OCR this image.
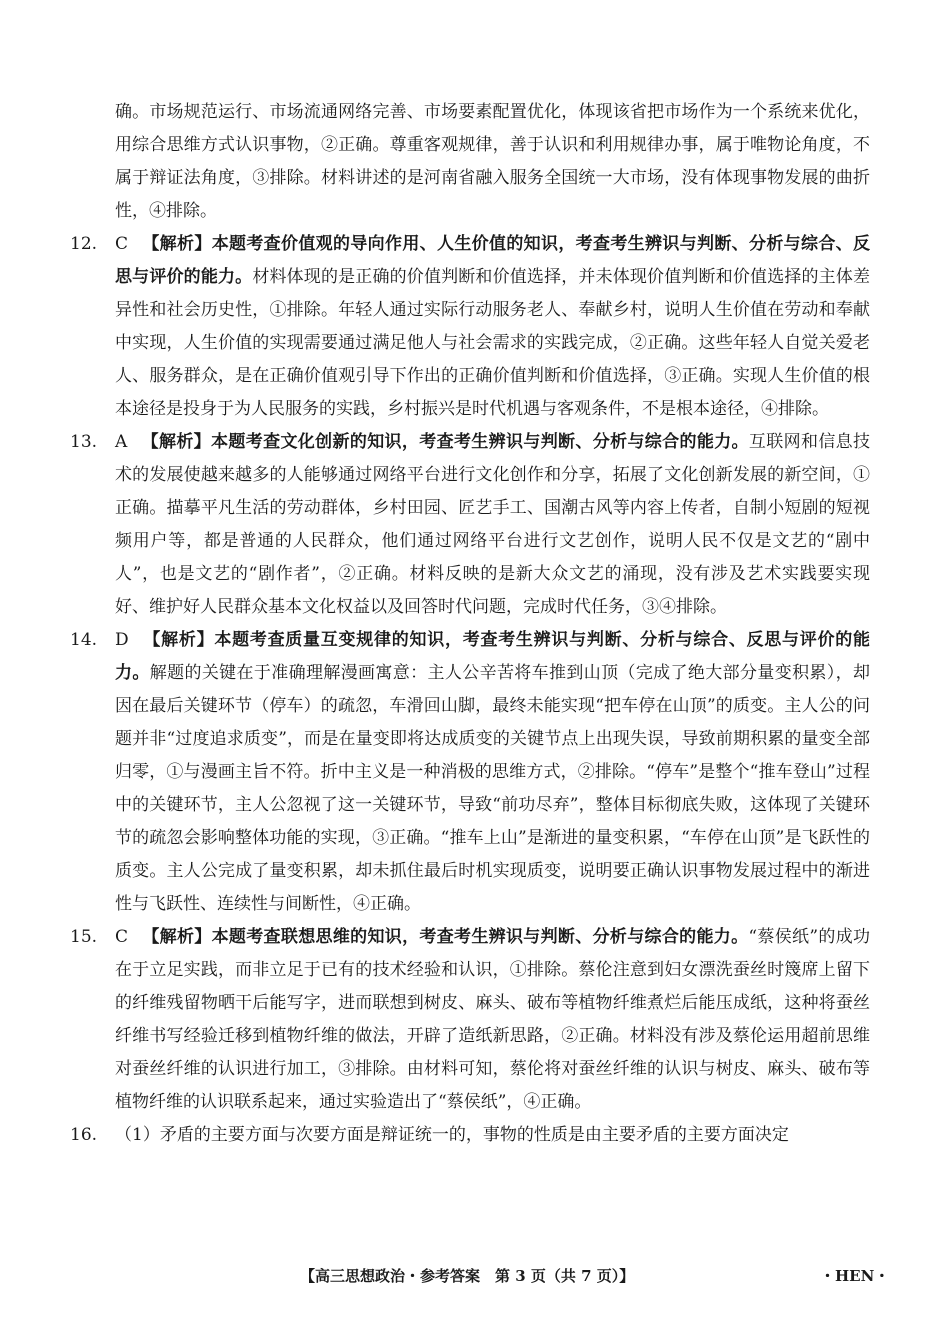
确。市场规范运行、市场流通网络完善、市场要素配置优化，体现该省把市场作为一个系统来优化，用综合思维方式认识事物，②正确。尊重客观规律，善于认识和利用规律办事，属于唯物论角度，不属于辩证法角度，③排除。材料讲述的是河南省融入服务全国统一大市场，没有体现事物发展的曲折性，④排除。

12.	C 【解析】本题考查价值观的导向作用、人生价值的知识，考查考生辨识与判断、分析与综合、反思与评价的能力。材料体现的是正确的价值判断和价值选择，并未体现价值判断和价值选择的主体差异性和社会历史性，①排除。年轻人通过实际行动服务老人、奉献乡村，说明人生价值在劳动和奉献中实现，人生价值的实现需要通过满足他人与社会需求的实践完成，②正确。这些年轻人自觉关爱老人、服务群众，是在正确价值观引导下作出的正确价值判断和价值选择，③正确。实现人生价值的根本途径是投身于为人民服务的实践，乡村振兴是时代机遇与客观条件，不是根本途径，④排除。
13.	A 【解析】本题考查文化创新的知识，考查考生辨识与判断、分析与综合的能力。互联网和信息技术的发展使越来越多的人能够通过网络平台进行文化创作和分享，拓展了文化创新发展的新空间，①正确。描摹平凡生活的劳动群体，乡村田园、匠艺手工、国潮古风等内容上传者，自制小短剧的短视频用户等，都是普通的人民群众，他们通过网络平台进行文艺创作，说明人民不仅是文艺的“剧中人”，也是文艺的“剧作者”，②正确。材料反映的是新大众文艺的涌现，没有涉及艺术实践要实现好、维护好人民群众基本文化权益以及回答时代问题，完成时代任务，③④排除。
14.	D 【解析】本题考查质量互变规律的知识，考查考生辨识与判断、分析与综合、反思与评价的能力。解题的关键在于准确理解漫画寓意：主人公辛苦将车推到山顶（完成了绝大部分量变积累），却因在最后关键环节（停车）的疏忽，车滑回山脚，最终未能实现“把车停在山顶”的质变。主人公的问题并非“过度追求质变”，而是在量变即将达成质变的关键节点上出现失误，导致前期积累的量变全部归零，①与漫画主旨不符。折中主义是一种消极的思维方式，②排除。“停车”是整个“推车登山”过程中的关键环节，主人公忽视了这一关键环节，导致“前功尽弃”，整体目标彻底失败，这体现了关键环节的疏忽会影响整体功能的实现，③正确。“推车上山”是渐进的量变积累，“车停在山顶”是飞跃性的质变。主人公完成了量变积累，却未抓住最后时机实现质变，说明要正确认识事物发展过程中的渐进性与飞跃性、连续性与间断性，④正确。
15.	C 【解析】本题考查联想思维的知识，考查考生辨识与判断、分析与综合的能力。“蔡侯纸”的成功在于立足实践，而非立足于已有的技术经验和认识，①排除。蔡伦注意到妇女漂洗蚕丝时篾席上留下的纤维残留物晒干后能写字，进而联想到树皮、麻头、破布等植物纤维煮烂后能压成纸，这种将蚕丝纤维书写经验迁移到植物纤维的做法，开辟了造纸新思路，②正确。材料没有涉及蔡伦运用超前思维对蚕丝纤维的认识进行加工，③排除。由材料可知，蔡伦将对蚕丝纤维的认识与树皮、麻头、破布等植物纤维的认识联系起来，通过实验造出了“蔡侯纸”，④正确。
16.	（1）矛盾的主要方面与次要方面是辩证统一的，事物的性质是由主要矛盾的主要方面决定
【高三思想政治・参考答案　第 3 页（共 7 页）】	・HEN・
